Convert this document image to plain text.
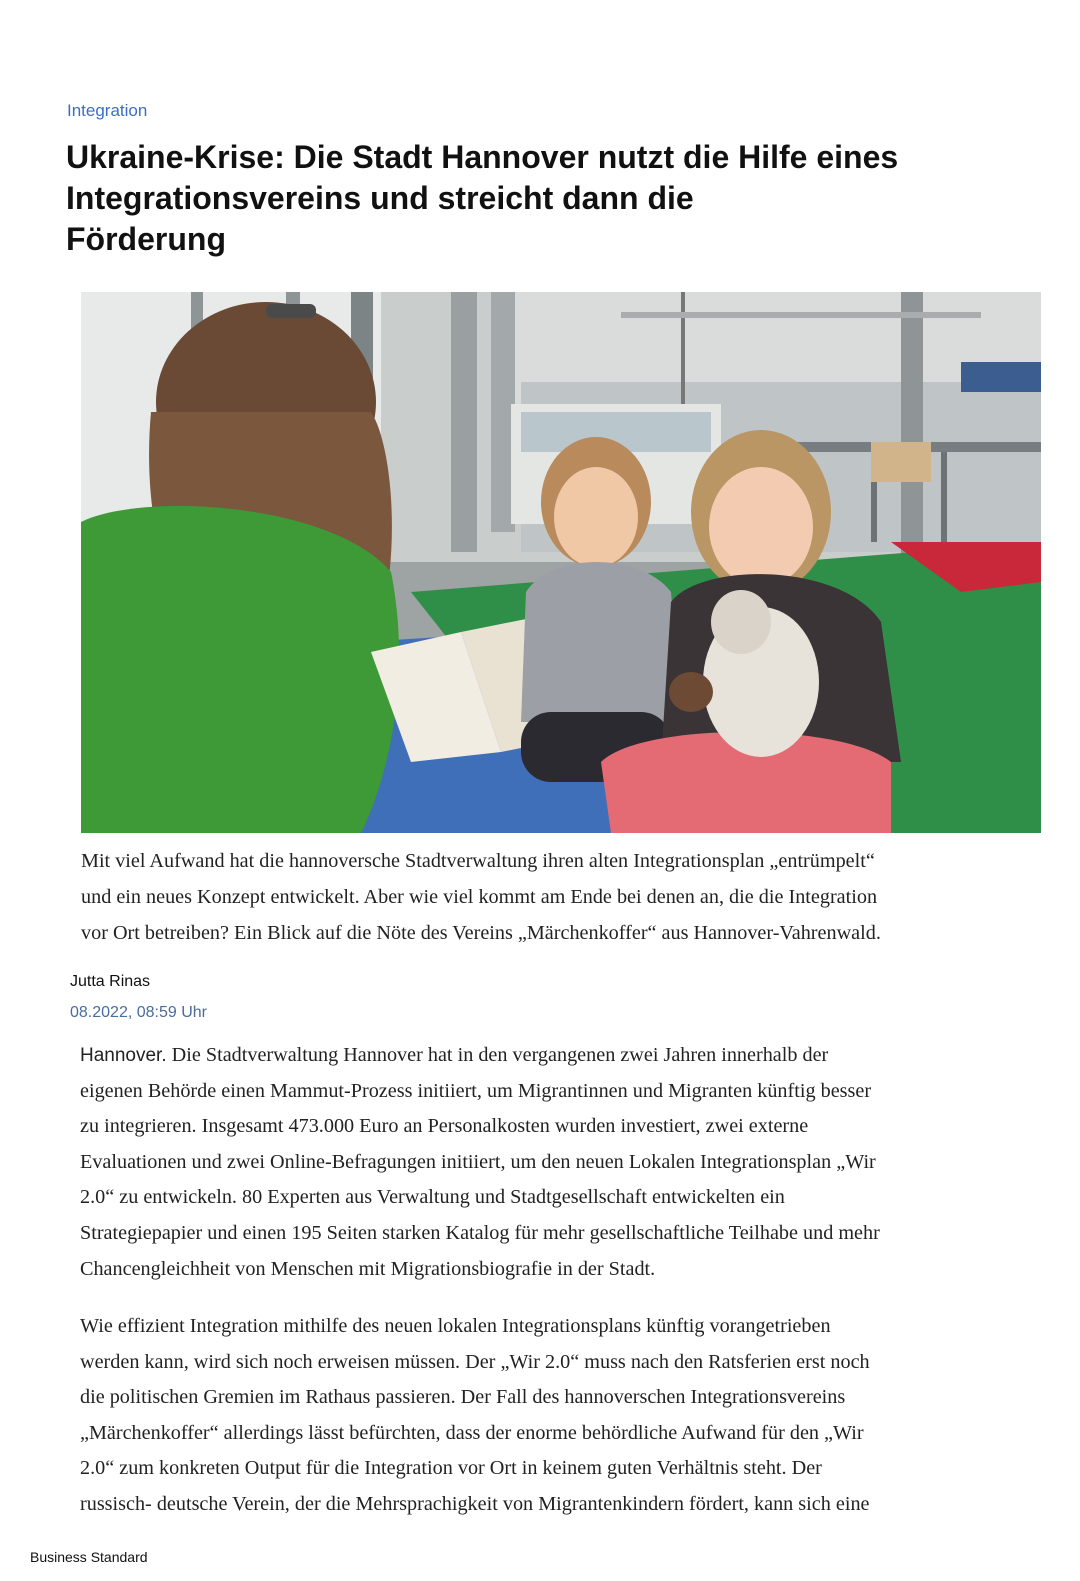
Integration
Ukraine-Krise: Die Stadt Hannover nutzt die Hilfe eines
Integrationsvereins und streicht dann die
Förderung

Mit viel Aufwand hat die hannoversche Stadtverwaltung ihren alten Integrationsplan „entrümpelt“
und ein neues Konzept entwickelt. Aber wie viel kommt am Ende bei denen an, die die Integration
vor Ort betreiben? Ein Blick auf die Nöte des Vereins „Märchenkoffer“ aus Hannover-Vahrenwald.

Jutta Rinas
08.2022, 08:59 Uhr

Hannover. Die Stadtverwaltung Hannover hat in den vergangenen zwei Jahren innerhalb der
eigenen Behörde einen Mammut-Prozess initiiert, um Migrantinnen und Migranten künftig besser
zu integrieren. Insgesamt 473.000 Euro an Personalkosten wurden investiert, zwei externe
Evaluationen und zwei Online-Befragungen initiiert, um den neuen Lokalen Integrationsplan „Wir
2.0“ zu entwickeln. 80 Experten aus Verwaltung und Stadtgesellschaft entwickelten ein
Strategiepapier und einen 195 Seiten starken Katalog für mehr gesellschaftliche Teilhabe und mehr
Chancengleichheit von Menschen mit Migrationsbiografie in der Stadt.

Wie effizient Integration mithilfe des neuen lokalen Integrationsplans künftig vorangetrieben
werden kann, wird sich noch erweisen müssen. Der „Wir 2.0“ muss nach den Ratsferien erst noch
die politischen Gremien im Rathaus passieren. Der Fall des hannoverschen Integrationsvereins
„Märchenkoffer“ allerdings lässt befürchten, dass der enorme behördliche Aufwand für den „Wir
2.0“ zum konkreten Output für die Integration vor Ort in keinem guten Verhältnis steht. Der
russisch- deutsche Verein, der die Mehrsprachigkeit von Migrantenkindern fördert, kann sich eine

Business Standard
